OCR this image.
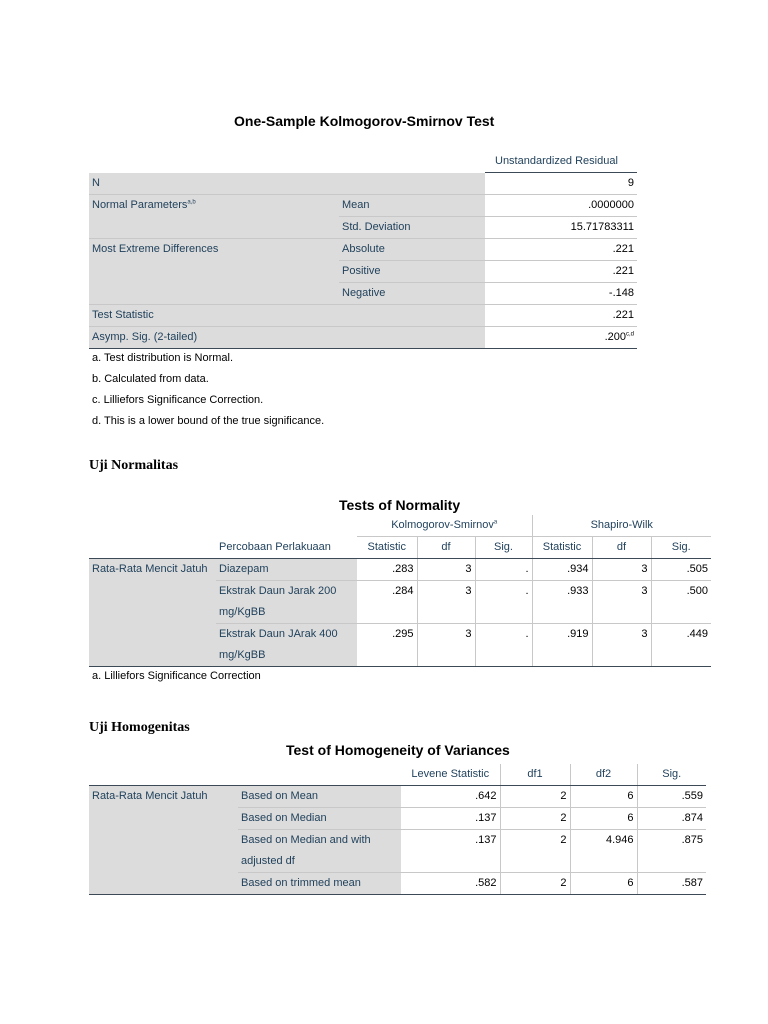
One-Sample Kolmogorov-Smirnov Test
		Unstandardized Residual
N		9
Normal Parameters$^{a,b}$	Mean	.0000000
	Std. Deviation	15.71783311
Most Extreme Differences	Absolute	.221
	Positive	.221
	Negative	-.148
Test Statistic		.221
Asymp. Sig. (2-tailed)		.200$^{c,d}$
a. Test distribution is Normal.
b. Calculated from data.
c. Lilliefors Significance Correction.
d. This is a lower bound of the true significance.
Uji Normalitas
Tests of Normality
		Kolmogorov-Smirnov$^a$			Shapiro-Wilk		
	Percobaan Perlakuaan	Statistic	df	Sig.	Statistic	df	Sig.
Rata-Rata Mencit Jatuh	Diazepam	.283	3	.	.934	3	.505
	Ekstrak Daun Jarak 200 mg/KgBB	.284	3	.	.933	3	.500
	Ekstrak Daun JArak 400 mg/KgBB	.295	3	.	.919	3	.449
a. Lilliefors Significance Correction
Uji Homogenitas
Test of Homogeneity of Variances
		Levene Statistic	df1	df2	Sig.
Rata-Rata Mencit Jatuh	Based on Mean	.642	2	6	.559
	Based on Median	.137	2	6	.874
	Based on Median and with adjusted df	.137	2	4.946	.875
	Based on trimmed mean	.582	2	6	.587
